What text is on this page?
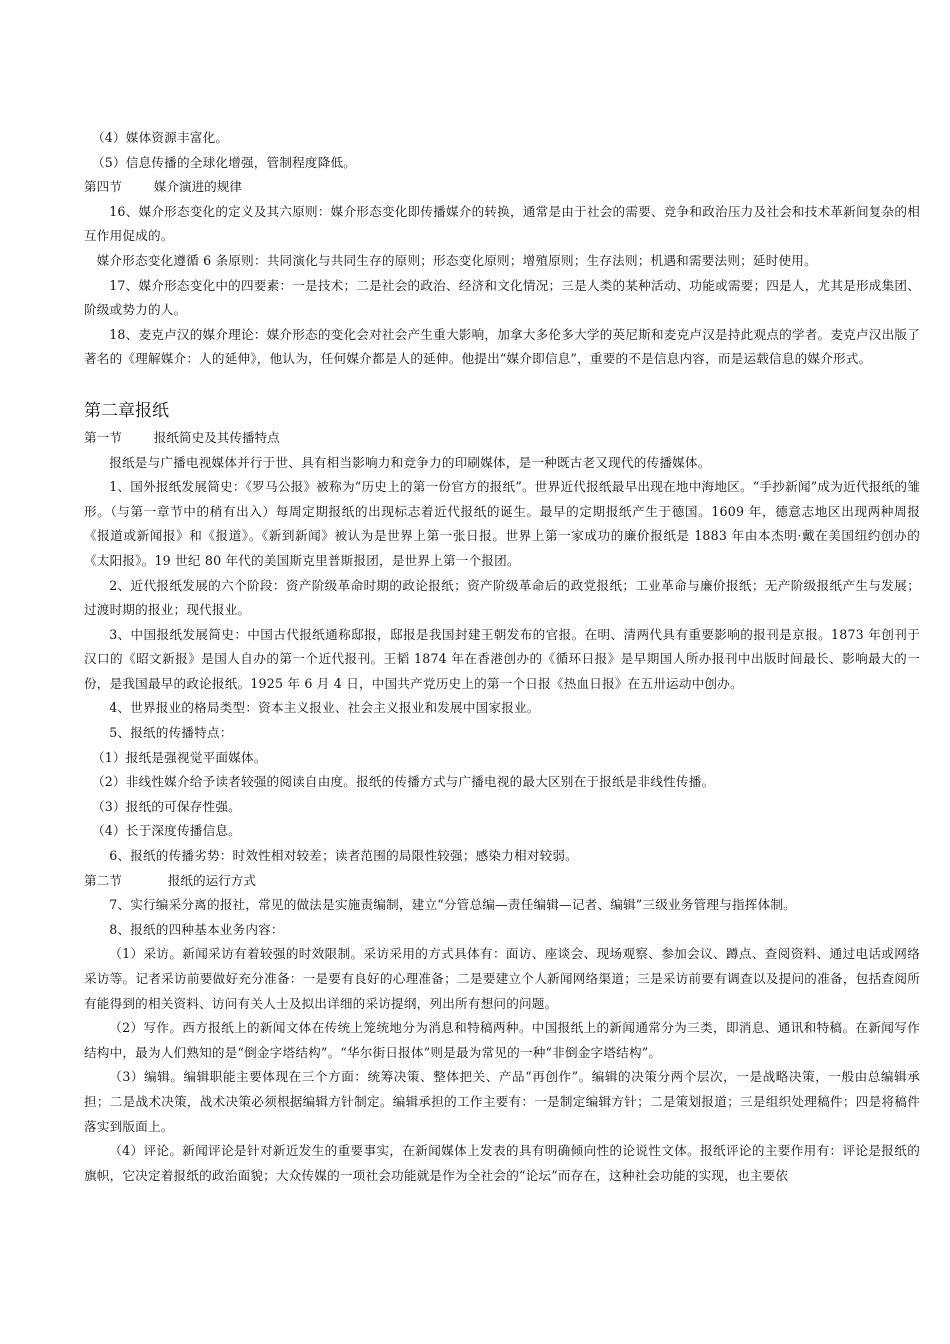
（4）媒体资源丰富化。

（5）信息传播的全球化增强，管制程度降低。

第四节	媒介演进的规律

16、媒介形态变化的定义及其六原则：媒介形态变化即传播媒介的转换，通常是由于社会的需要、竞争和政治压力及社会和技术革新间复杂的相互作用促成的。

媒介形态变化遵循 6 条原则：共同演化与共同生存的原则；形态变化原则；增殖原则；生存法则；机遇和需要法则；延时使用。

17、媒介形态变化中的四要素：一是技术；二是社会的政治、经济和文化情况；三是人类的某种活动、功能或需要；四是人，尤其是形成集团、阶级或势力的人。

18、麦克卢汉的媒介理论：媒介形态的变化会对社会产生重大影响，加拿大多伦多大学的英尼斯和麦克卢汉是持此观点的学者。麦克卢汉出版了著名的《理解媒介：人的延伸》，他认为，任何媒介都是人的延伸。他提出“媒介即信息”，重要的不是信息内容，而是运载信息的媒介形式。

第二章报纸

第一节	报纸简史及其传播特点

报纸是与广播电视媒体并行于世、具有相当影响力和竞争力的印刷媒体，是一种既古老又现代的传播媒体。

1、国外报纸发展简史：《罗马公报》被称为“历史上的第一份官方的报纸”。世界近代报纸最早出现在地中海地区。“手抄新闻”成为近代报纸的雏形。（与第一章节中的稍有出入）每周定期报纸的出现标志着近代报纸的诞生。最早的定期报纸产生于德国。1609 年，德意志地区出现两种周报《报道或新闻报》和《报道》。《新到新闻》被认为是世界上第一张日报。世界上第一家成功的廉价报纸是 1883 年由本杰明·戴在美国纽约创办的《太阳报》。19 世纪 80 年代的美国斯克里普斯报团，是世界上第一个报团。

2、近代报纸发展的六个阶段：资产阶级革命时期的政论报纸；资产阶级革命后的政党报纸；工业革命与廉价报纸；无产阶级报纸产生与发展；过渡时期的报业；现代报业。

3、中国报纸发展简史：中国古代报纸通称邸报，邸报是我国封建王朝发布的官报。在明、清两代具有重要影响的报刊是京报。1873 年创刊于汉口的《昭文新报》是国人自办的第一个近代报刊。王韬 1874 年在香港创办的《循环日报》是早期国人所办报刊中出版时间最长、影响最大的一份，是我国最早的政论报纸。1925 年 6 月 4 日，中国共产党历史上的第一个日报《热血日报》在五卅运动中创办。

4、世界报业的格局类型：资本主义报业、社会主义报业和发展中国家报业。

5、报纸的传播特点：

（1）报纸是强视觉平面媒体。

（2）非线性媒介给予读者较强的阅读自由度。报纸的传播方式与广播电视的最大区别在于报纸是非线性传播。

（3）报纸的可保存性强。

（4）长于深度传播信息。

6、报纸的传播劣势：时效性相对较差；读者范围的局限性较强；感染力相对较弱。

第二节	报纸的运行方式

7、实行编采分离的报社，常见的做法是实施责编制，建立“分管总编—责任编辑—记者、编辑”三级业务管理与指挥体制。

8、报纸的四种基本业务内容：

（1）采访。新闻采访有着较强的时效限制。采访采用的方式具体有：面访、座谈会、现场观察、参加会议、蹲点、查阅资料、通过电话或网络采访等。记者采访前要做好充分准备：一是要有良好的心理准备；二是要建立个人新闻网络渠道；三是采访前要有调查以及提问的准备，包括查阅所有能得到的相关资料、访问有关人士及拟出详细的采访提纲，列出所有想问的问题。

（2）写作。西方报纸上的新闻文体在传统上笼统地分为消息和特稿两种。中国报纸上的新闻通常分为三类，即消息、通讯和特稿。在新闻写作结构中，最为人们熟知的是“倒金字塔结构”。“华尔街日报体”则是最为常见的一种“非倒金字塔结构”。

（3）编辑。编辑职能主要体现在三个方面：统筹决策、整体把关、产品“再创作”。编辑的决策分两个层次，一是战略决策，一般由总编辑承担；二是战术决策，战术决策必须根据编辑方针制定。编辑承担的工作主要有：一是制定编辑方针；二是策划报道；三是组织处理稿件；四是将稿件落实到版面上。

（4）评论。新闻评论是针对新近发生的重要事实，在新闻媒体上发表的具有明确倾向性的论说性文体。报纸评论的主要作用有：评论是报纸的旗帜，它决定着报纸的政治面貌；大众传媒的一项社会功能就是作为全社会的“论坛”而存在，这种社会功能的实现，也主要依
